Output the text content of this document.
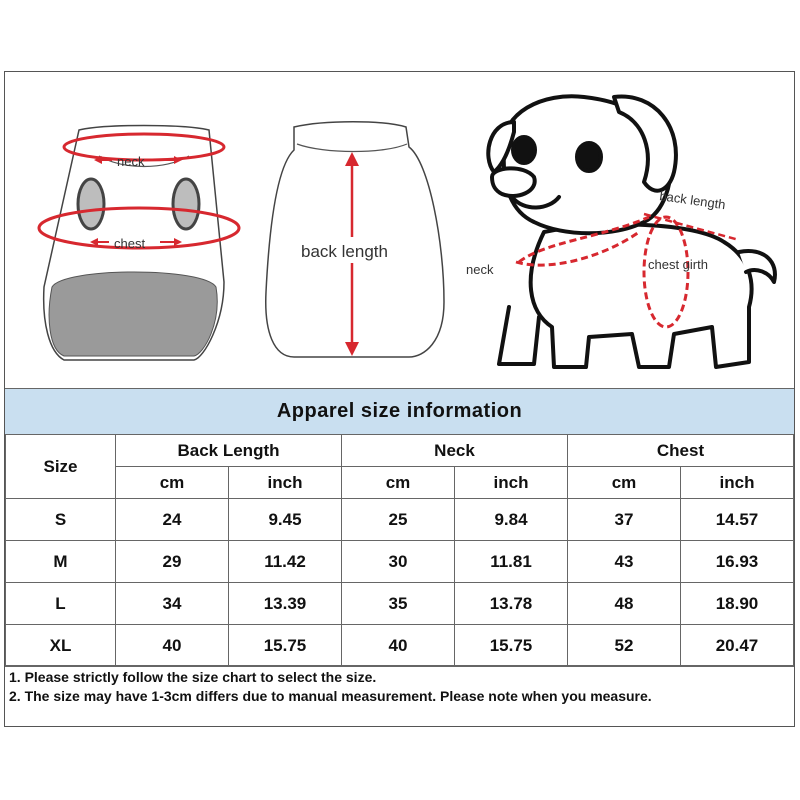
neck
chest	back length
back length
neck	chest girth
Apparel size information
Size	Back Length		Neck		Chest	
	cm	inch	cm	inch	cm	inch
S	24	9.45	25	9.84	37	14.57
M	29	11.42	30	11.81	43	16.93
L	34	13.39	35	13.78	48	18.90
XL	40	15.75	40	15.75	52	20.47
1. Please strictly follow the size chart to select the size.
2. The size may have 1-3cm differs due to manual measurement. Please note when you measure.
